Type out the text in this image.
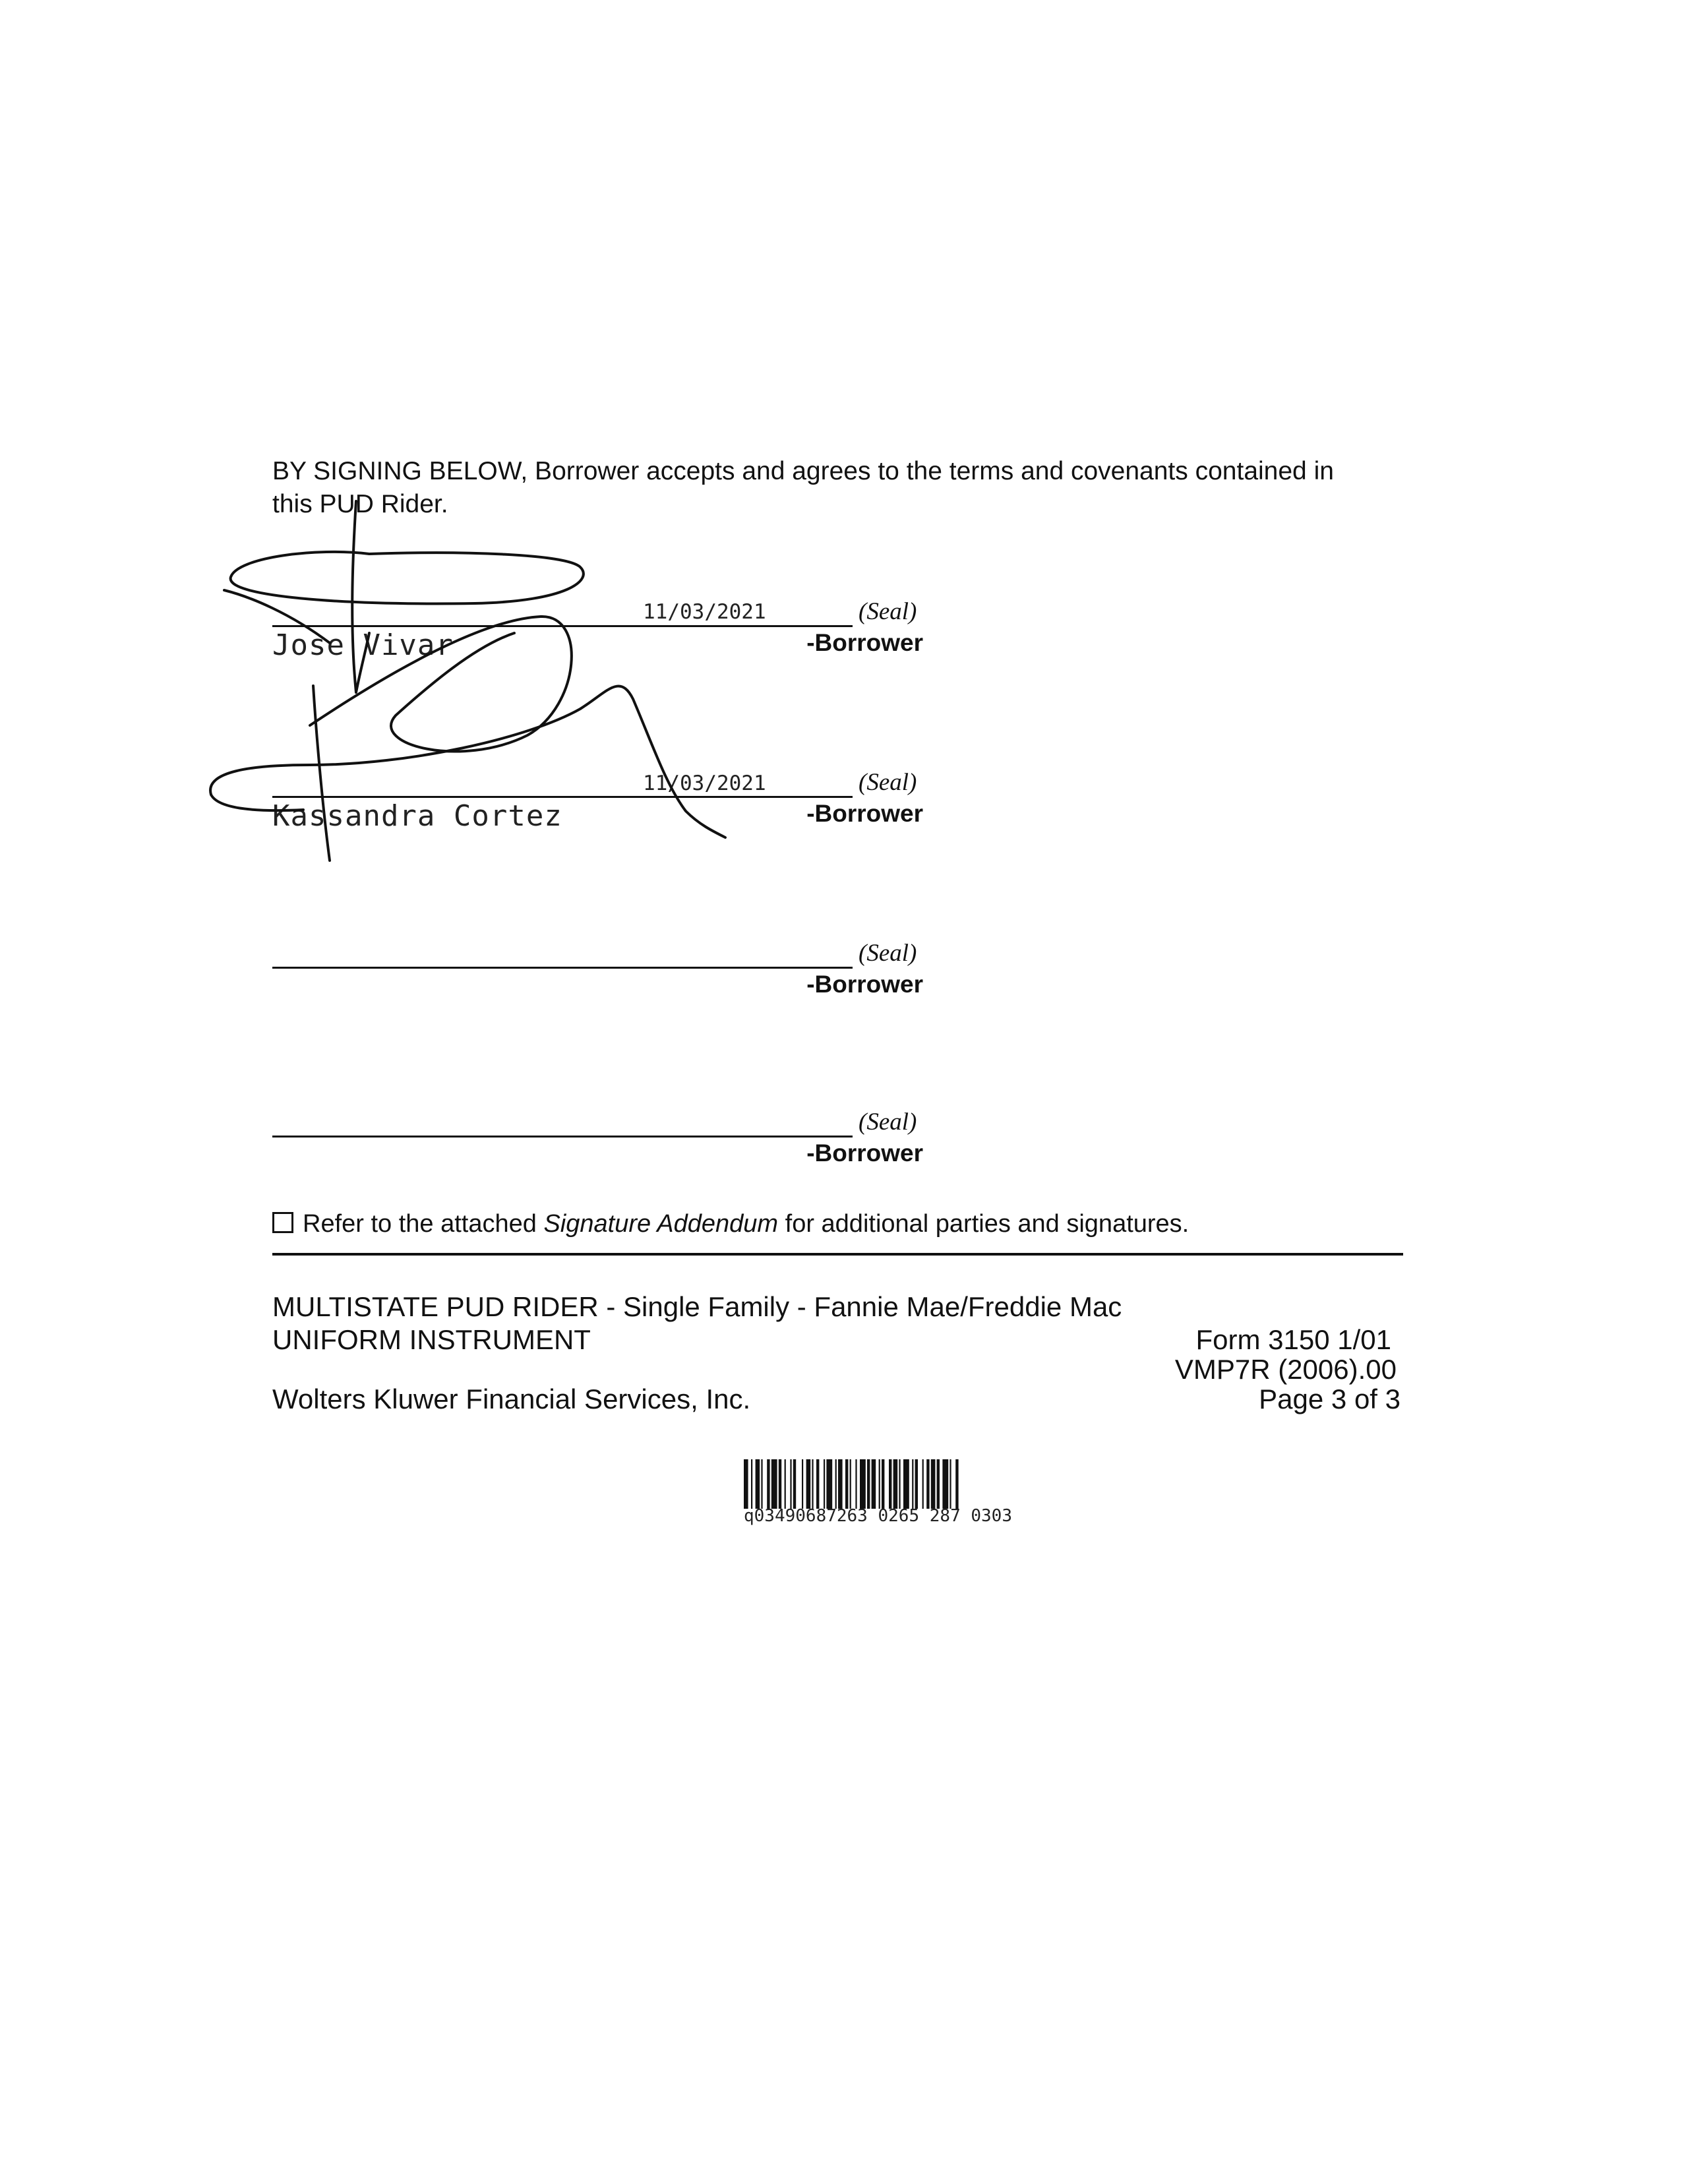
BY SIGNING BELOW, Borrower accepts and agrees to the terms and covenants contained in
this PUD Rider.
11/03/2021	(Seal)
Jose Vivar	-Borrower
11/03/2021	(Seal)
Kassandra Cortez	-Borrower
(Seal)
-Borrower
(Seal)
-Borrower
Refer to the attached Signature Addendum for additional parties and signatures.
MULTISTATE PUD RIDER - Single Family - Fannie Mae/Freddie Mac
UNIFORM INSTRUMENT	Form 3150 1/01
VMP7R (2006).00
Wolters Kluwer Financial Services, Inc.	Page 3 of 3
q03490687263 0265 287 0303
